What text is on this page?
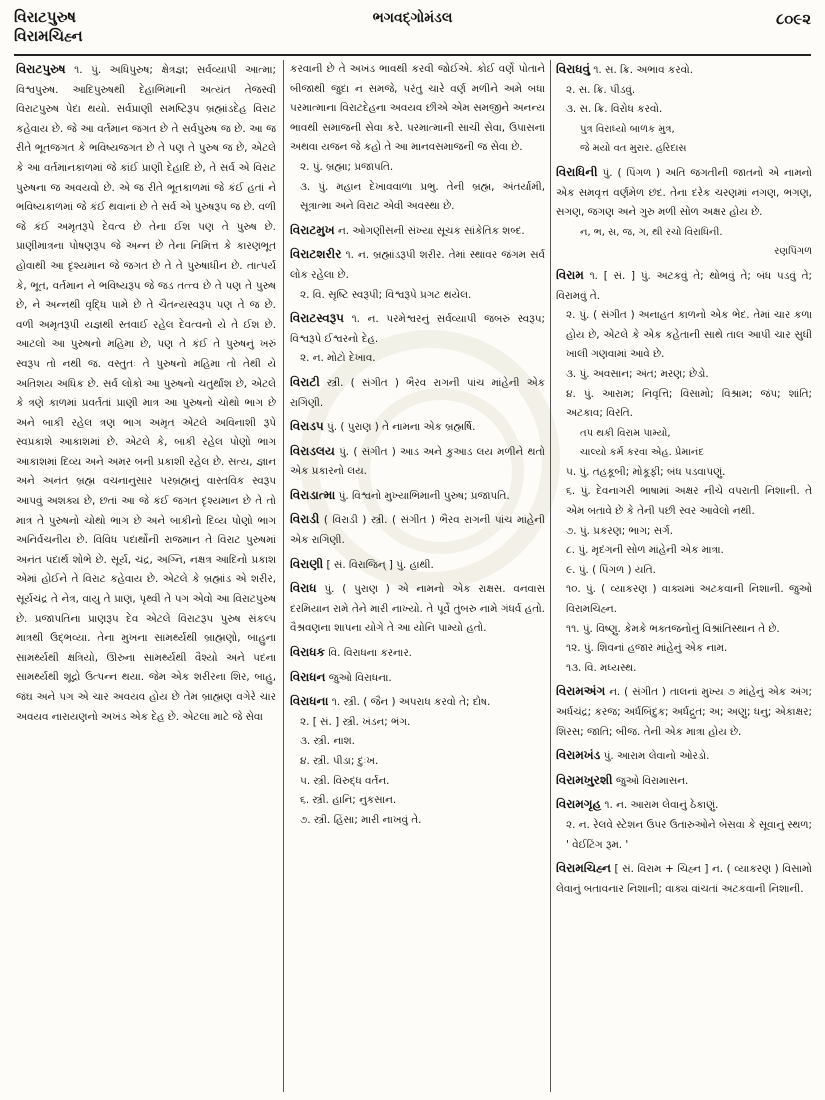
વિરાટપુરુષ
વિરામચિહ્ન
ભગવદ્ગોમંડલ	૮૦૯૨
વિરાટપુરુષ ૧. પું. અધિપુરુષ; ક્ષેત્રજ્ઞ; સર્વવ્યાપી આત્મા; વિશ્વપુરુષ. આદિપુરુષથી દેહાભિમાની અત્યંત તેજસ્વી વિરાટપુરુષ પેદા થયો. સર્વપ્રાણી સમષ્ટિરૂપ બ્રહ્માંડદેહ વિરાટ કહેવાય છે. જે આ વર્તમાન જગત છે તે સર્વપુરુષ જ છે. આ જ રીતે ભૂતજગત કે ભવિષ્યજગત છે તે પણ તે પુરુષ જ છે, એટલે કે આ વર્તમાનકાળમાં જે કાંઈ પ્રાણી દેહાદિ છે, તે સર્વ એ વિરાટ પુરુષના જ અવયવો છે. એ જ રીતે ભૂતકાળમાં જે કંઈ હતાં ને ભવિષ્યકાળમાં જે કંઈ થવાનાં છે તે સર્વ એ પુરુષરૂપ જ છે. વળી જે કંઈ અમૃતરૂપે દેવત્વ છે તેના ઈશ પણ તે પુરુષ છે. પ્રાણીમાત્રના પોષણરૂપ જે અન્ન છે તેના નિમિત્ત કે કારણભૂત હોવાથી આ દૃશ્યમાન જે જગત છે તે તે પુરુષાધીન છે. તાત્પર્ય કે, ભૂત, વર્તમાન ને ભવિષ્યરૂપ જે જડ તત્ત્વ છે તે પણ તે પુરુષ છે, ને અન્નથી વૃદ્ધિ પામે છે તે ચૈતન્યસ્વરૂપ પણ તે જ છે. વળી અમૃતરૂપી યજ્ઞથી સ્તવાઈ રહેલ દેવત્વનો યે તે ઈશ છે. આટલો આ પુરુષનો મહિમા છે, પણ તે કંઈ તે પુરુષનું ખરું સ્વરૂપ તો નથી જ. વસ્તુતઃ તે પુરુષનો મહિમા તો તેથી યે અતિશય અધિક છે. સર્વ લોકો આ પુરુષનો ચતુર્થાંશ છે, એટલે કે ત્રણે કાળમાં પ્રવર્તતાં પ્રાણી માત્ર આ પુરુષનો ચોથો ભાગ છે અને બાકી રહેલ ત્રણ ભાગ અમૃત એટલે અવિનાશી રૂપે સ્વપ્રકાશે આકાશમાં છે. એટલે કે, બાકી રહેલ પોણો ભાગ આકાશમાં દિવ્ય અને અમર બની પ્રકાશી રહેલ છે. સત્ય, જ્ઞાન અને અનંત બ્રહ્મ વચનાનુસાર પરબ્રહ્મનું વાસ્તવિક સ્વરૂપ આપવું અશક્ય છે, છતાં આ જે કંઈ જગત દૃશ્યમાન છે તે તો માત્ર તે પુરુષનો ચોથો ભાગ છે અને બાકીનો દિવ્ય પોણો ભાગ અનિર્વચનીય છે. વિવિધ પદાર્થોની રાજમાન તે વિરાટ પુરુષમાં અનંત પદાર્થ શોભે છે. સૂર્ય, ચંદ્ર, અગ્નિ, નક્ષત્ર આદિનો પ્રકાશ એમાં હોઈને તે વિરાટ કહેવાય છે. એટલે કે બ્રહ્માંડ એ શરીર, સૂર્યચંદ્ર તે નેત્ર, વાયુ તે પ્રાણ, પૃથ્વી તે પગ એવો આ વિરાટપુરુષ છે. પ્રજાપતિના પ્રાણરૂપ દેવ એટલે વિરાટરૂપ પુરુષ સંકલ્પ માત્રથી ઉદ્ભવ્યા. તેના મુખના સામર્થ્યથી બ્રાહ્મણો, બાહુના સામર્થ્યથી ક્ષત્રિયો, ઊરુના સામર્થ્યથી વૈશ્યો અને પદના સામર્થ્યથી શૂદ્રો ઉત્પન્ન થયા. જેમ એક શરીરના શિર, બાહુ, જંઘ અને પગ એ ચાર અવયવ હોય છે તેમ બ્રાહ્મણ વગેરે ચાર અવયવ નારાયણનો અખંડ એક દેહ છે. એટલા માટે જે સેવા
કરવાની છે તે અખંડ ભાવથી કરવી જોઈએ. કોઈ વર્ણે પોતાને બીજાથી જુદા ન સમજે, પરંતુ ચારે વર્ણ મળીને અમે બધા પરમાત્માના વિરાટદેહના અવયવ છીએ એમ સમજીને અનન્ય ભાવથી સમાજની સેવા કરે. પરમાત્માની સાચી સેવા, ઉપાસના અથવા યજન જે કહો તે આ માનવસમાજની જ સેવા છે.
૨. પું. બ્રહ્મા; પ્રજાપતિ.
૩. પું. મહાન દેખાવવાળા પ્રભુ. તેની બ્રહ્મ, અંતર્યામી, સૂત્રાત્મા અને વિરાટ એવી અવસ્થા છે.
વિરાટમુખ ન. ઓગણીસની સંખ્યા સૂચક સાંકેતિક શબ્દ.
વિરાટશરીર ૧. ન. બ્રહ્માંડરૂપી શરીર. તેમાં સ્થાવર જંગમ સર્વ લોક રહેલા છે.
૨. વિ. સૃષ્ટિ સ્વરૂપી; વિશ્વરૂપે પ્રગટ થયેલ.
વિરાટસ્વરૂપ ૧. ન. પરમેશ્વરનું સર્વવ્યાપી જબરું સ્વરૂપ; વિશ્વરૂપે ઈશ્વરનો દેહ.
૨. ન. મોટો દેખાવ.
વિરાટી સ્ત્રી. ( સંગીત ) ભૈરવ રાગની પાંચ માંહેની એક રાગિણી.
વિરાડપ પું. ( પુરાણ ) તે નામના એક બ્રહ્મર્ષિ.
વિરાડલય પું. ( સંગીત ) આડ અને કુઆડ લય મળીને થતો એક પ્રકારનો લય.
વિરાડાત્મા પું. વિશ્વનો મુખ્યાભિમાની પુરુષ; પ્રજાપતિ.
વિરાડી ( વિરાડી ) સ્ત્રી. ( સંગીત ) ભૈરવ રાગની પાંચ માંહેની એક રાગિણી.
વિરાણી [ સં. વિરાજિન્ ] પું. હાથી.
વિરાધ પું. ( પુરાણ ) એ નામનો એક રાક્ષસ. વનવાસ દરમિયાન રામે તેને મારી નાખ્યો. તે પૂર્વે તુંબરુ નામે ગંધર્વ હતો. વૈશ્રવણના શાપના યોગે તે આ યોનિ પામ્યો હતો.
વિરાધક વિ. વિરાધના કરનાર.
વિરાધન જુઓ વિરાધના.
વિરાધના ૧. સ્ત્રી. ( જૈન ) અપરાધ કરવો તે; દોષ.
૨. [ સં. ] સ્ત્રી. ખંડન; ભંગ.
૩. સ્ત્રી. નાશ.
૪. સ્ત્રી. પીડા; દુઃખ.
૫. સ્ત્રી. વિરુદ્ધ વર્તન.
૬. સ્ત્રી. હાનિ; નુકસાન.
૭. સ્ત્રી. હિંસા; મારી નાખવું તે.
વિરાધવું ૧. સ. ક્રિ. અભાવ કરવો.
૨. સ. ક્રિ. પીડવું.
૩. સ. ક્રિ. વિરોધ કરવો.
પુત્ર વિરાધ્યો બાળક મુત્ર,
જે મયો વત મુરાર. હરિદાસ
વિરાધિની પું. ( પિંગળ ) અતિ જગતીની જાતનો એ નામનો એક સમવૃત્ત વર્ણમેળ છંદ. તેના દરેક ચરણમાં નગણ, ભગણ, સગણ, જગણ અને ગુરુ મળી સોળ અક્ષર હોય છે.
ન, ભ, સ, જ, ગ, થી રચો વિરાધિની.
રણપિંગળ
વિરામ ૧. [ સં. ] પું. અટકવું તે; થોભવું તે; બંધ પડવું તે; વિરામવું તે.
૨. પું. ( સંગીત ) અનાહત કાળનો એક ભેદ. તેમાં ચાર કળા હોય છે, એટલે કે એક કહેતાની સાથે તાલ આપી ચાર સુધી ખાલી ગણવામાં આવે છે.
૩. પું. અવસાન; અંત; મરણ; છેડો.
૪. પું. આરામ; નિવૃત્તિ; વિસામો; વિશ્રામ; જંપ; શાંતિ; અટકાવ; વિરતિ.
તપ થકી વિરામ પામ્યો,
ચાલ્યો કર્મ કરવા એહ. પ્રેમાનંદ
૫. પું. તહકૂબી; મોકૂફી; બંધ પડવાપણું.
૬. પું. દેવનાગરી ભાષામાં અક્ષર નીચે વપરાતી નિશાની. તે એમ બતાવે છે કે તેની પછી સ્વર આવેલો નથી.
૭. પું. પ્રકરણ; ભાગ; સર્ગ.
૮. પું. મૃદંગની સોળ માંહેની એક માત્રા.
૯. પું. ( પિંગળ ) યતિ.
૧૦. પું. ( વ્યાકરણ ) વાક્યમાં અટકવાની નિશાની. જુઓ વિરામચિહ્ન.
૧૧. પું. વિષ્ણુ. કેમકે ભક્તજનોનું વિશ્રાંતિસ્થાન તે છે.
૧૨. પું. શિવનાં હજાર માંહેનું એક નામ.
૧૩. વિ. મધ્યસ્થ.
વિરામઅંગ ન. ( સંગીત ) તાલનાં મુખ્ય ૭ માંહેનું એક અંગ; અર્ધચંદ્ર; કરજ; અર્ધબિંદુક; અર્ધદ્રુત; અ; અણુ; ધનુ; એકાક્ષર; શિરસ; જાતિ; બીજ. તેની એક માત્રા હોય છે.
વિરામખંડ પું. આરામ લેવાનો ઓરડો.
વિરામખુરશી જુઓ વિરામાસન.
વિરામગૃહ ૧. ન. આરામ લેવાનું ઠેકાણું.
૨. ન. રેલવે સ્ટેશન ઉપર ઉતારુઓને બેસવા કે સૂવાનું સ્થળ; ' વેઈટિંગ રૂમ. '
વિરામચિહ્ન [ સં. વિરામ + ચિહ્ન ] ન. ( વ્યાકરણ ) વિસામો લેવાનું બતાવનાર નિશાની; વાક્ય વાંચતાં અટકવાની નિશાની.
